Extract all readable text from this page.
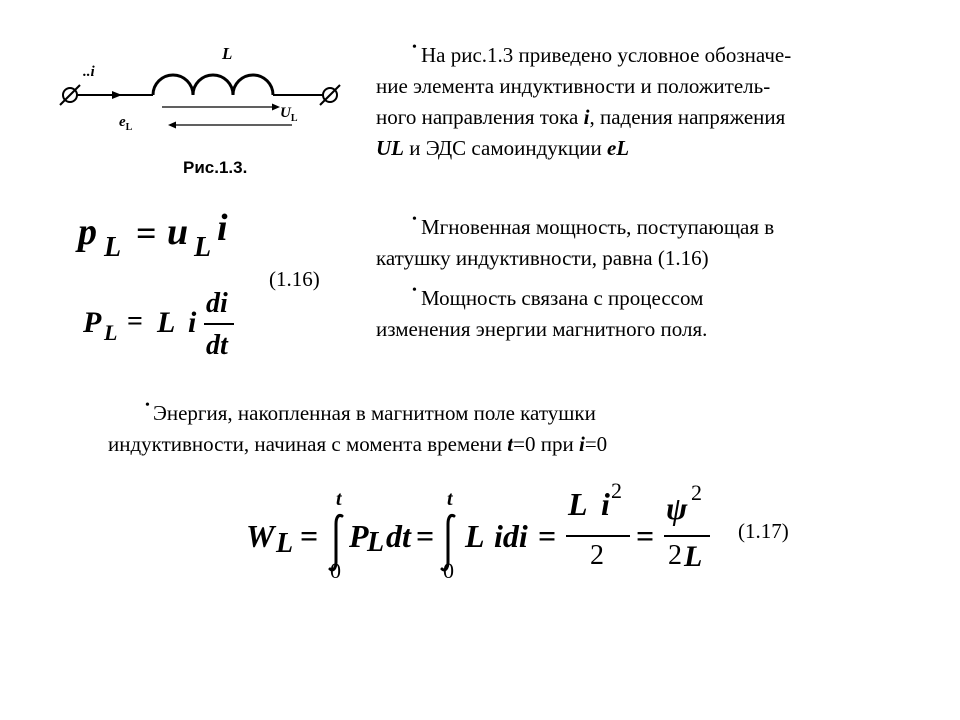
L
..i
$e_L$
$U_L$
Рис.1.3.
• На рис.1.3 приведено условное обозначе-
ние элемента индуктивности и положитель-
ного направления тока i, падения напряжения
UL и ЭДС самоиндукции eL
• Мгновенная мощность, поступающая в
катушку индуктивности, равна (1.16)
• Мощность связана с процессом
изменения энергии магнитного поля.
• Энергия, накопленная в магнитном поле катушки
индуктивности, начиная с момента времени t=0 при i=0
p L = u L i
(1.16)
P L = L i
di
dt
W L =
t
0
P
L dt =
t
0
L idi =
L i 2
2
=
ψ 2
2 L
(1.17)
